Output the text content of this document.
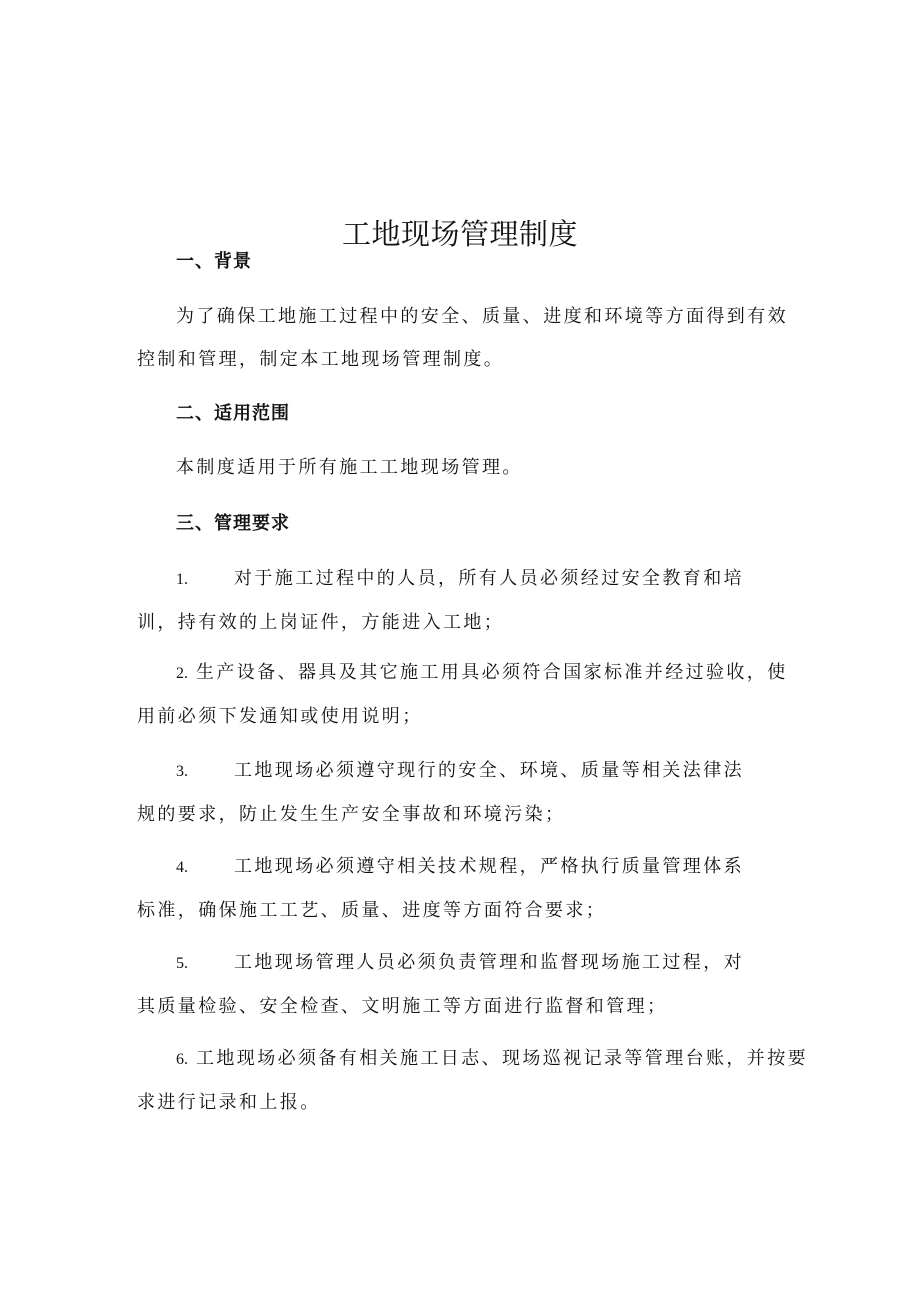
工地现场管理制度
一、背景
为了确保工地施工过程中的安全、质量、进度和环境等方面得到有效
控制和管理，制定本工地现场管理制度。
二、适用范围
本制度适用于所有施工工地现场管理。
三、管理要求
1.	对于施工过程中的人员，所有人员必须经过安全教育和培
训，持有效的上岗证件，方能进入工地；
2. 生产设备、器具及其它施工用具必须符合国家标准并经过验收，使
用前必须下发通知或使用说明；
3.	工地现场必须遵守现行的安全、环境、质量等相关法律法
规的要求，防止发生生产安全事故和环境污染；
4.	工地现场必须遵守相关技术规程，严格执行质量管理体系
标准，确保施工工艺、质量、进度等方面符合要求；
5.	工地现场管理人员必须负责管理和监督现场施工过程，对
其质量检验、安全检查、文明施工等方面进行监督和管理；
6. 工地现场必须备有相关施工日志、现场巡视记录等管理台账，并按要
求进行记录和上报。
